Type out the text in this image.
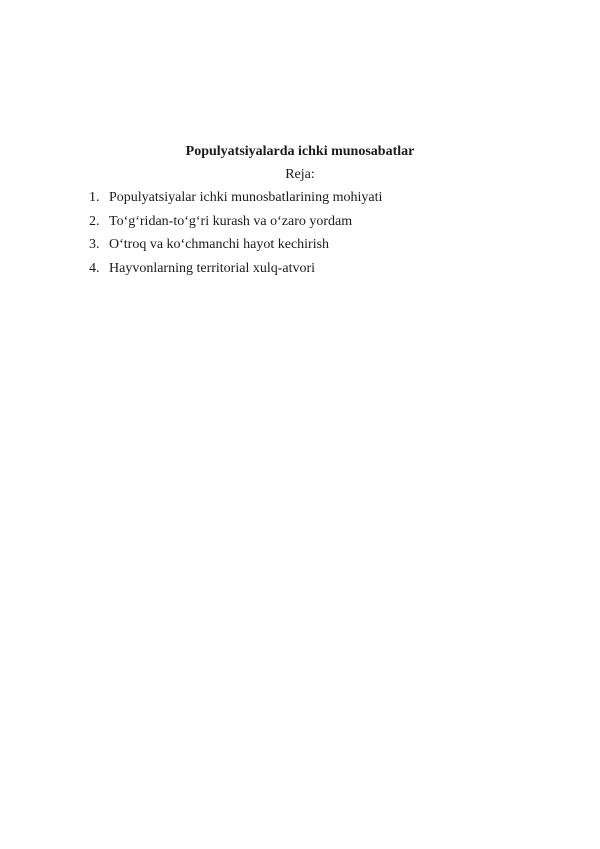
Populyatsiyalarda ichki munosabatlar
Reja:
1. Populyatsiyalar ichki munosbatlarining mohiyati
2. To‘g‘ridan-to‘g‘ri kurash va o‘zaro yordam
3. O‘troq va ko‘chmanchi hayot kechirish
4. Hayvonlarning territorial xulq-atvori
